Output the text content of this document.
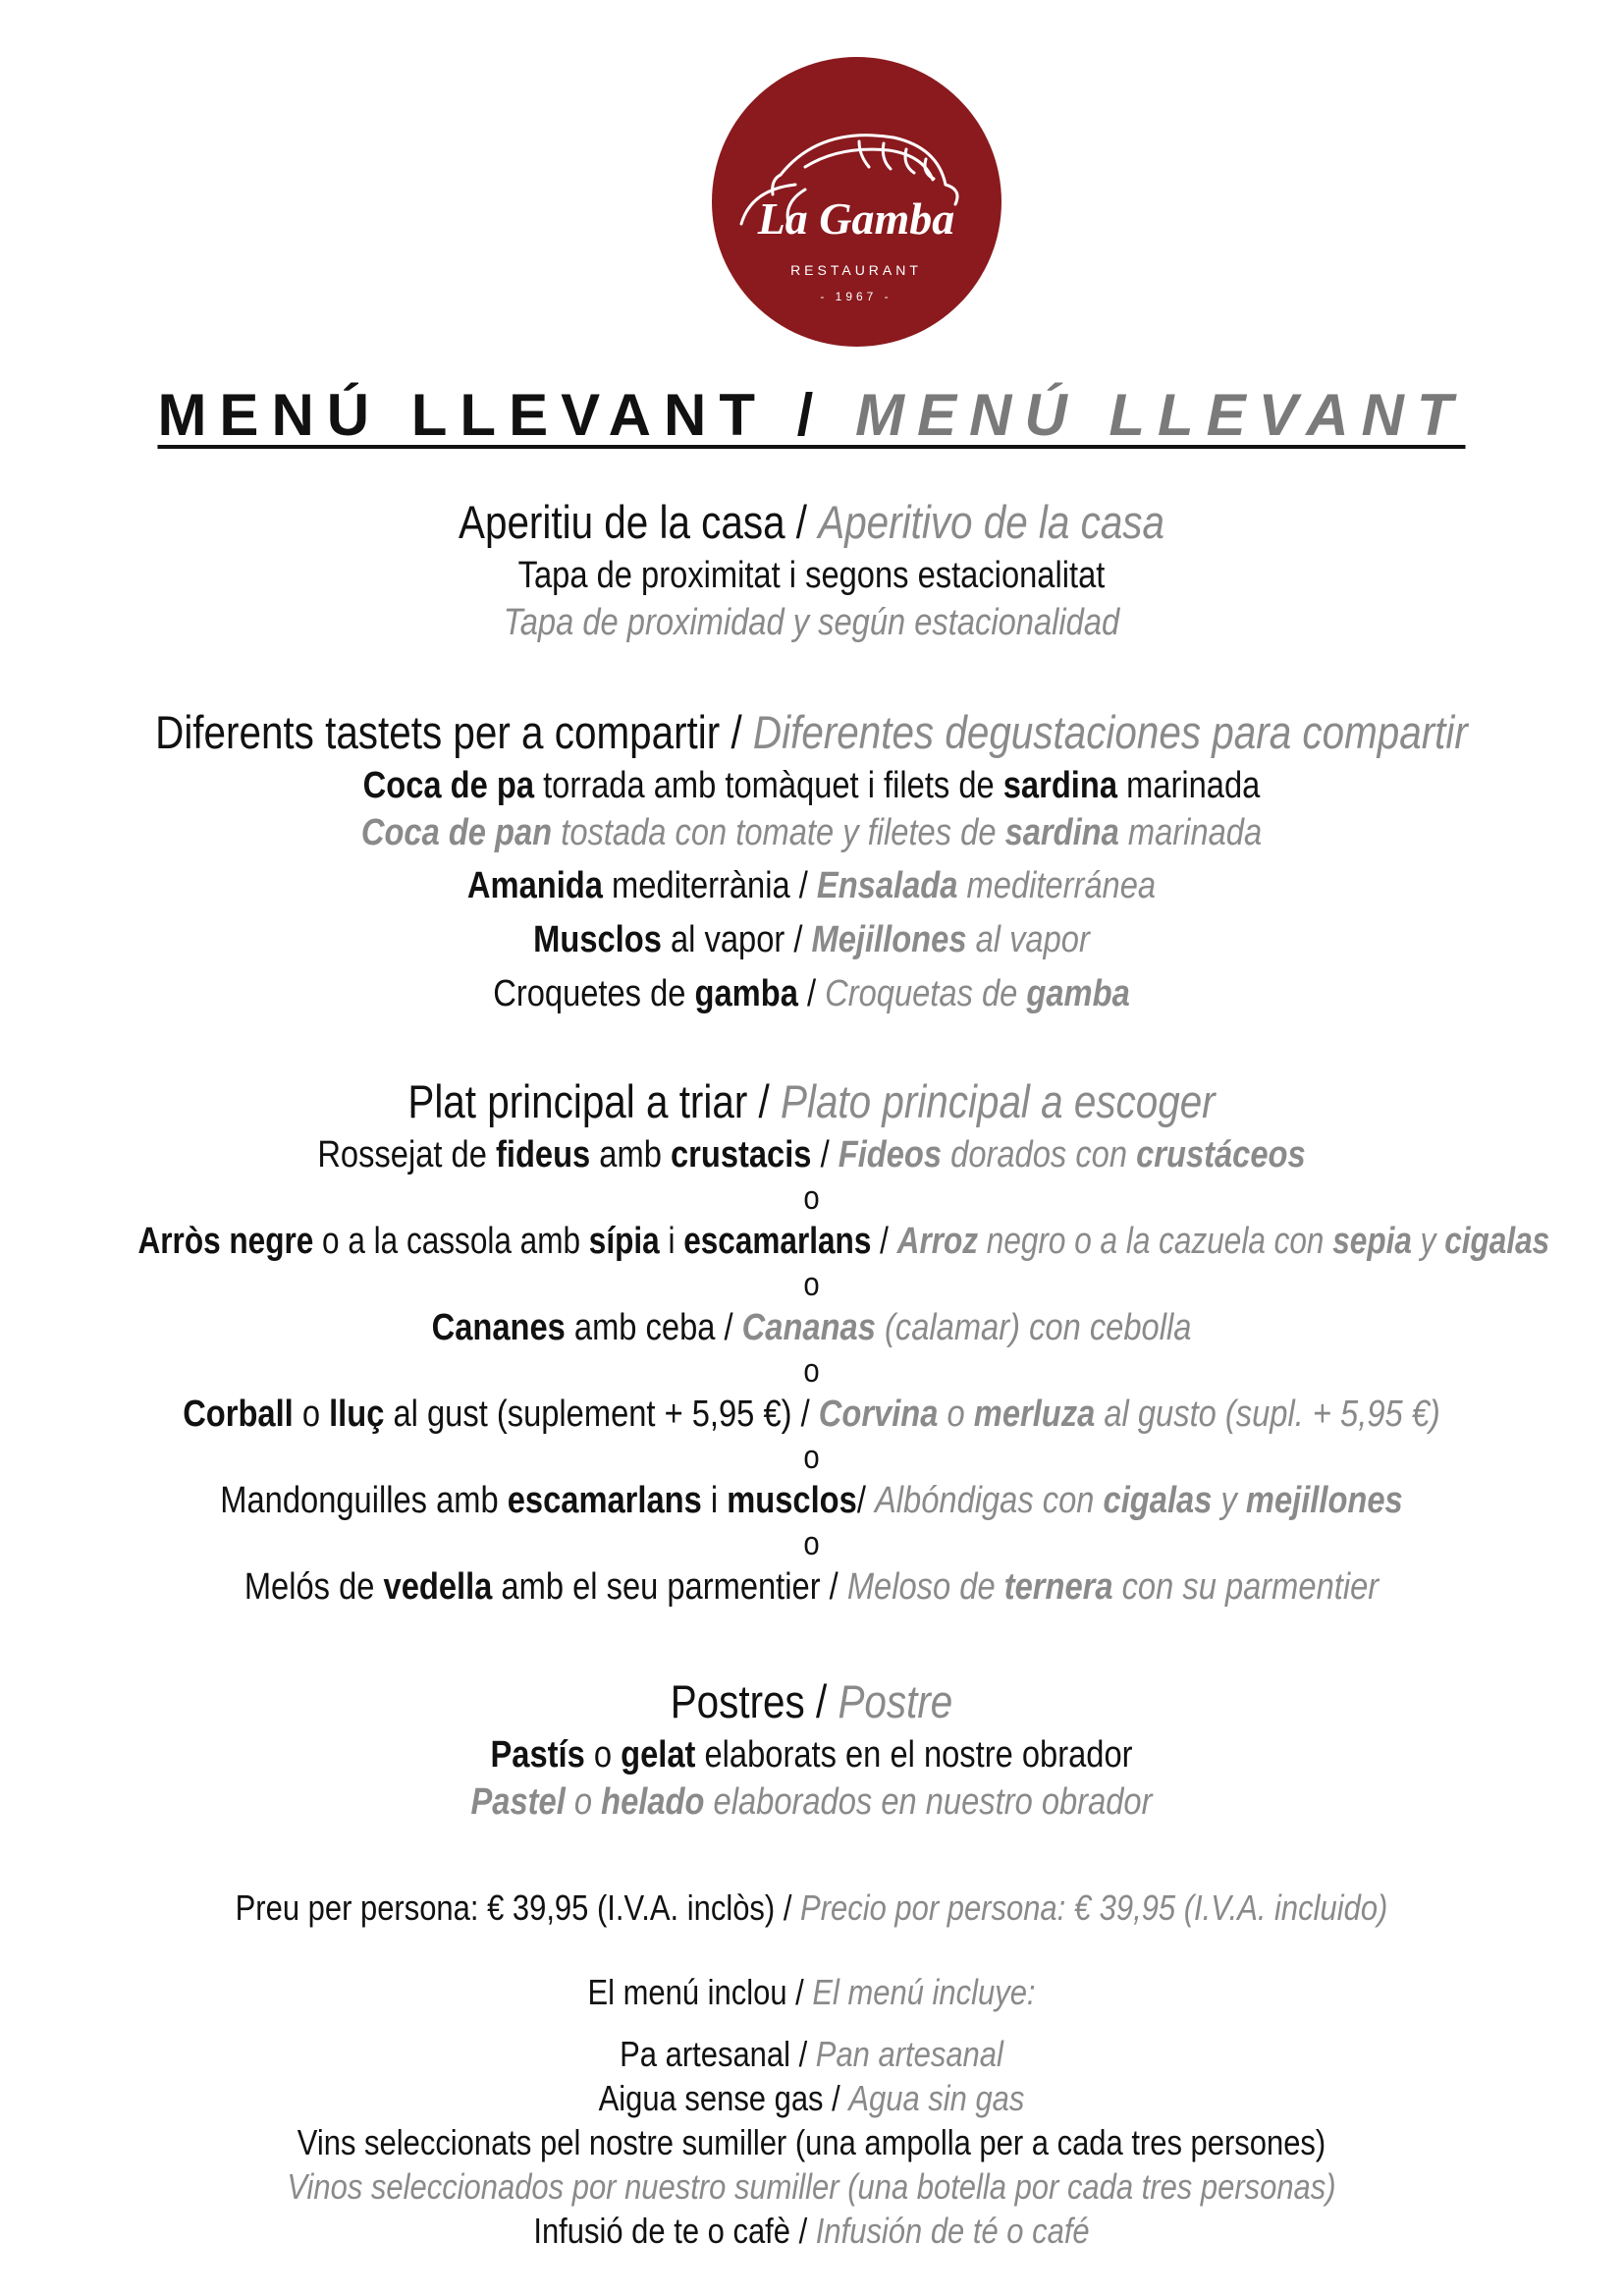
La Gamba
RESTAURANT
- 1967 -
MENÚ LLEVANT / MENÚ LLEVANT
Aperitiu de la casa / Aperitivo de la casa
Tapa de proximitat i segons estacionalitat
Tapa de proximidad y según estacionalidad
Diferents tastets per a compartir / Diferentes degustaciones para compartir
Coca de pa torrada amb tomàquet i filets de sardina marinada
Coca de pan tostada con tomate y filetes de sardina marinada
Amanida mediterrània / Ensalada mediterránea
Musclos al vapor / Mejillones al vapor
Croquetes de gamba / Croquetas de gamba
Plat principal a triar / Plato principal a escoger
Rossejat de fideus amb crustacis / Fideos dorados con crustáceos
o
Arròs negre o a la cassola amb sípia i escamarlans / Arroz negro o a la cazuela con sepia y cigalas
o
Cananes amb ceba / Cananas (calamar) con cebolla
o
Corball o lluç al gust (suplement + 5,95 €) / Corvina o merluza al gusto (supl. + 5,95 €)
o
Mandonguilles amb escamarlans i musclos/ Albóndigas con cigalas y mejillones
o
Melós de vedella amb el seu parmentier / Meloso de ternera con su parmentier
Postres / Postre
Pastís o gelat elaborats en el nostre obrador
Pastel o helado elaborados en nuestro obrador
Preu per persona: € 39,95 (I.V.A. inclòs) / Precio por persona: € 39,95 (I.V.A. incluido)
El menú inclou / El menú incluye:
Pa artesanal / Pan artesanal
Aigua sense gas / Agua sin gas
Vins seleccionats pel nostre sumiller (una ampolla per a cada tres persones)
Vinos seleccionados por nuestro sumiller (una botella por cada tres personas)
Infusió de te o cafè / Infusión de té o café
